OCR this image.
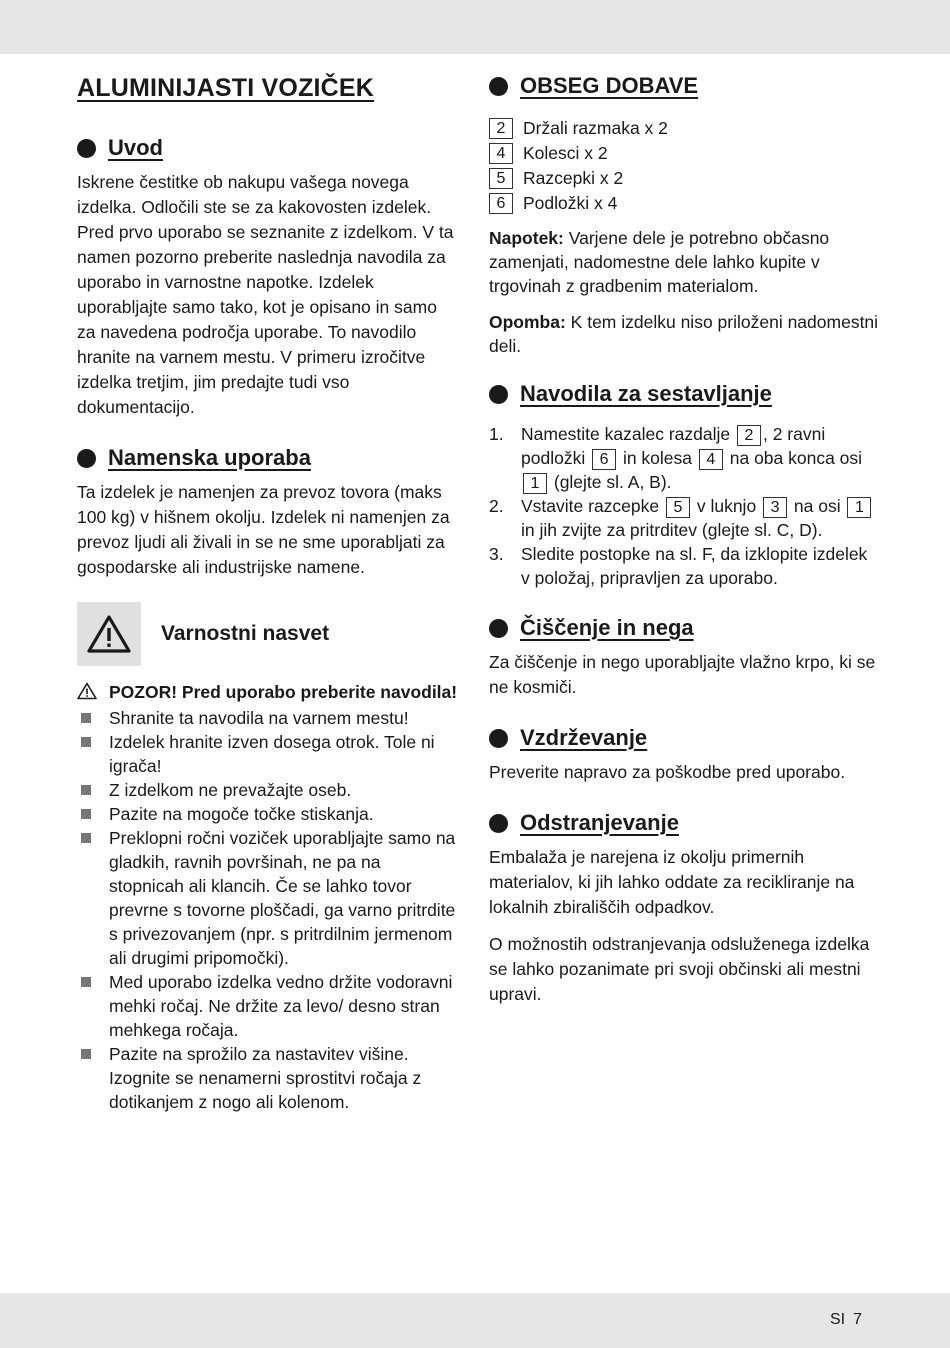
ALUMINIJASTI VOZIČEK
Uvod

Iskrene čestitke ob nakupu vašega novega izdelka. Odločili ste se za kakovosten izdelek. Pred prvo uporabo se seznanite z izdelkom. V ta namen pozorno preberite naslednja navodila za uporabo in varnostne napotke. Izdelek uporabljajte samo tako, kot je opisano in samo za navedena področja uporabe. To navodilo hranite na varnem mestu. V primeru izročitve izdelka tretjim, jim predajte tudi vso dokumentacijo.

Namenska uporaba

Ta izdelek je namenjen za prevoz tovora (maks 100 kg) v hišnem okolju. Izdelek ni namenjen za prevoz ljudi ali živali in se ne sme uporabljati za gospodarske ali industrijske namene.

Varnostni nasvet
POZOR! Pred uporabo preberite navodila!
Shranite ta navodila na varnem mestu!
Izdelek hranite izven dosega otrok. Tole ni igrača!
Z izdelkom ne prevažajte oseb.
Pazite na mogoče točke stiskanja.
Preklopni ročni voziček uporabljajte samo na gladkih, ravnih površinah, ne pa na stopnicah ali klancih. Če se lahko tovor prevrne s tovorne ploščadi, ga varno pritrdite s privezovanjem (npr. s pritrdilnim jermenom ali drugimi pripomočki).
Med uporabo izdelka vedno držite vodoravni mehki ročaj. Ne držite za levo/ desno stran mehkega ročaja.
Pazite na sprožilo za nastavitev višine. Izognite se nenamerni sprostitvi ročaja z dotikanjem z nogo ali kolenom.
OBSEG DOBAVE
2	Držali razmaka x 2
4	Kolesci x 2
5	Razcepki x 2
6	Podložki x 4
Napotek: Varjene dele je potrebno občasno zamenjati, nadomestne dele lahko kupite v trgovinah z gradbenim materialom.
Opomba: K tem izdelku niso priloženi nadomestni deli.
Navodila za sestavljanje
1. Namestite kazalec razdalje 2 , 2 ravni podložki 6 in kolesa 4 na oba konca osi 1 (glejte sl. A, B).
2. Vstavite razcepke 5 v luknjo 3 na osi 1 in jih zvijte za pritrditev (glejte sl. C, D).
3. Sledite postopke na sl. F, da izklopite izdelek v položaj, pripravljen za uporabo.
Čiščenje in nega

Za čiščenje in nego uporabljajte vlažno krpo, ki se ne kosmiči.

Vzdrževanje

Preverite napravo za poškodbe pred uporabo.

Odstranjevanje

Embalaža je narejena iz okolju primernih materialov, ki jih lahko oddate za recikliranje na lokalnih zbirališčih odpadkov.

O možnostih odstranjevanja odsluženega izdelka se lahko pozanimate pri svoji občinski ali mestni upravi.

SI 7
